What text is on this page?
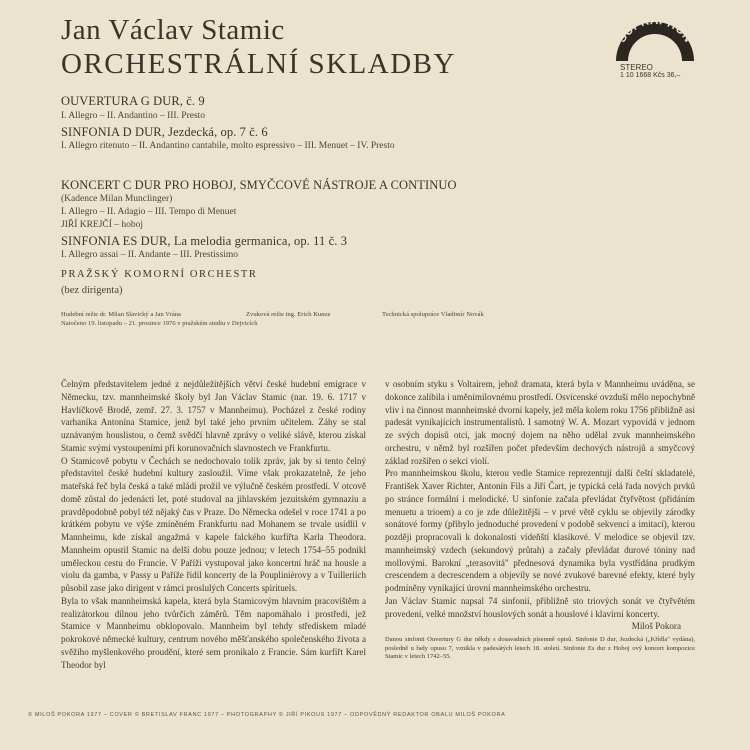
Jan Václav Stamic
ORCHESTRÁLNÍ SKLADBY
SUPRAPHON
STEREO
1 10 1668 Kčs 36,–
OUVERTURA G DUR, č. 9
I. Allegro – II. Andantino – III. Presto
SINFONIA D DUR, Jezdecká, op. 7 č. 6
I. Allegro ritenuto – II. Andantino cantabile, molto espressivo – III. Menuet – IV. Presto
KONCERT C DUR PRO HOBOJ, SMYČCOVÉ NÁSTROJE A CONTINUO
(Kadence Milan Munclinger)
I. Allegro – II. Adagio – III. Tempo di Menuet
JIŘÍ KREJČÍ – hoboj
SINFONIA ES DUR, La melodia germanica, op. 11 č. 3
I. Allegro assai – II. Andante – III. Prestissimo
PRAŽSKÝ KOMORNÍ ORCHESTR
(bez dirigenta)
Hudební režie dr. Milan Slavický a Jan Vrána	Zvuková režie ing. Erich Kunze	Technická spolupráce Vladimír Novák
Natočeno 19. listopadu – 21. prosince 1976 v pražském studiu v Dejvicích

Čelným představitelem jedné z nejdůležitějších větví české hudební emigrace v Německu, tzv. mannheimské školy byl Jan Václav Stamic (nar. 19. 6. 1717 v Havlíčkově Brodě, zemř. 27. 3. 1757 v Mannheimu). Pocházel z české rodiny varhaníka Antonína Stamice, jenž byl také jeho prvním učitelem. Záhy se stal uznávaným houslistou, o čemž svědčí hlavně zprávy o veliké slávě, kterou získal Stamic svými vystoupeními při korunovačních slavnostech ve Frankfurtu.

O Stamicově pobytu v Čechách se nedochovalo tolik zpráv, jak by si tento čelný představitel české hudební kultury zasloužil. Víme však prokazatelně, že jeho mateřská řeč byla česká a také mládí prožil ve výlučně českém prostředí. V otcově domě zůstal do jedenácti let, poté studoval na jihlavském jezuitském gymnaziu a pravděpodobně pobyl též nějaký čas v Praze. Do Německa odešel v roce 1741 a po krátkém pobytu ve výše zmíněném Frankfurtu nad Mohanem se trvale usídlil v Mannheimu, kde získal angažmá v kapele falckého kurfiřta Karla Theodora. Mannheim opustil Stamic na delší dobu pouze jednou; v letech 1754–55 podnikl uměleckou cestu do Francie. V Paříži vystupoval jako koncertní hráč na housle a violu da gamba, v Passy u Paříže řídil koncerty de la Pouplinièrovy a v Tuilleriích působil zase jako dirigent v rámci proslulých Concerts spirituels.

Byla to však mannheimská kapela, která byla Stamicovým hlavním pracovištěm a realizátorkou dílnou jeho tvůrčích záměrů. Těm napomáhalo i prostředí, jež Stamice v Mannheimu obklopovalo. Mannheim byl tehdy střediskem mladé pokrokové německé kultury, centrum nového měšťanského společenského života a svěžího myšlenkového proudění, které sem pronikalo z Francie. Sám kurfiřt Karel Theodor byl

v osobním styku s Voltairem, jehož dramata, která byla v Mannheimu uváděna, se dokonce zalíbila i uměnímilovnému prostředí. Osvícenské ovzduší mělo nepochybně vliv i na činnost mannheimské dvorní kapely, jež měla kolem roku 1756 přibližně asi padesát vynikajících instrumentalistů. I samotný W. A. Mozart vypovídá v jednom ze svých dopisů otci, jak mocný dojem na něho udělal zvuk mannheimského orchestru, v němž byl rozšířen počet především dechových nástrojů a smyčcový základ rozšířen o sekci violí.

Pro mannheimskou školu, kterou vedle Stamice reprezentují další čeští skladatelé, František Xaver Richter, Antonín Fils a Jiří Čart, je typická celá řada nových prvků po stránce formální i melodické. U sinfonie začala převládat čtyřvětost (přidáním menuetu a trioem) a co je zde důležitější – v prvé větě cyklu se objevily zárodky sonátové formy (přibylo jednoduché provedení v podobě sekvencí a imitací), kterou později propracovali k dokonalosti vídeňští klasikové. V melodice se objevil tzv. mannheimský vzdech (sekundový průtah) a začaly převládat durové tóniny nad mollovými. Barokní „terasovitá" přednesová dynamika byla vystřídána prudkým crescendem a decrescendem a objevily se nové zvukové barevné efekty, které byly podmíněny vynikající úrovní mannheimského orchestru.

Jan Václav Stamic napsal 74 sinfonií, přibližně sto triových sonát ve čtyřvětém provedení, velké množství houslových sonát a houslové i klavírní koncerty.

Miloš Pokora
Danou sinfonii Ouvertury G dur někdy s dosavadních písemně opisů. Sinfonie D dur, Jezdecká („Křídla" vydána), posledně u řady opusu 7, vznikla v padesátých letech 18. století. Sinfonie Es dur z Hoboj ový koncert kompozice Stamic v letech 1742–55.
© MILOŠ POKORA 1977 – COVER © BRETISLAV FRANC 1977 – PHOTOGRAPHY © JIŘÍ PIKOUS 1977 – ODPOVĚDNÝ REDAKTOR OBALU MILOŠ POKORA
